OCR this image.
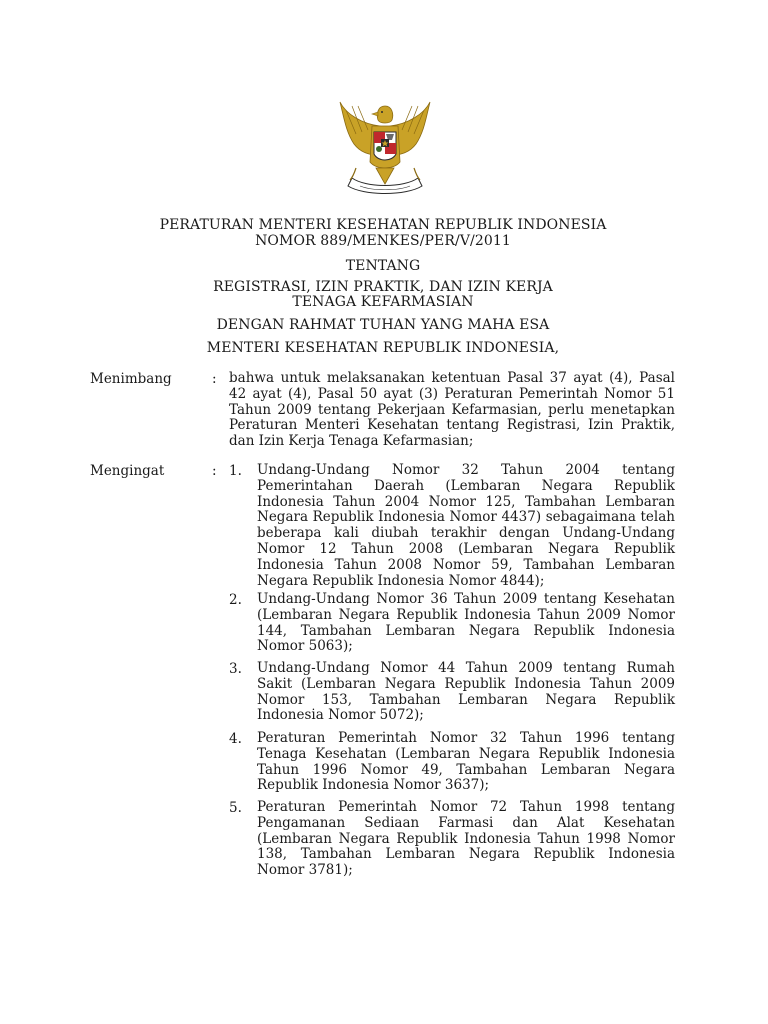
PERATURAN MENTERI KESEHATAN REPUBLIK INDONESIA
NOMOR 889/MENKES/PER/V/2011
TENTANG
REGISTRASI, IZIN PRAKTIK, DAN IZIN KERJA
TENAGA KEFARMASIAN
DENGAN RAHMAT TUHAN YANG MAHA ESA
MENTERI KESEHATAN REPUBLIK INDONESIA,
Menimbang	: bahwa untuk melaksanakan ketentuan Pasal 37 ayat (4), Pasal 42 ayat (4), Pasal 50 ayat (3) Peraturan Pemerintah Nomor 51 Tahun 2009 tentang Pekerjaan Kefarmasian, perlu menetapkan Peraturan Menteri Kesehatan tentang Registrasi, Izin Praktik, dan Izin Kerja Tenaga Kefarmasian;
Mengingat	: 1. Undang-Undang Nomor 32 Tahun 2004 tentang Pemerintahan Daerah (Lembaran Negara Republik Indonesia Tahun 2004 Nomor 125, Tambahan Lembaran Negara Republik Indonesia Nomor 4437) sebagaimana telah beberapa kali diubah terakhir dengan Undang-Undang Nomor 12 Tahun 2008 (Lembaran Negara Republik Indonesia Tahun 2008 Nomor 59, Tambahan Lembaran Negara Republik Indonesia Nomor 4844);
2. Undang-Undang Nomor 36 Tahun 2009 tentang Kesehatan (Lembaran Negara Republik Indonesia Tahun 2009 Nomor 144, Tambahan Lembaran Negara Republik Indonesia Nomor 5063);
3. Undang-Undang Nomor 44 Tahun 2009 tentang Rumah Sakit (Lembaran Negara Republik Indonesia Tahun 2009 Nomor 153, Tambahan Lembaran Negara Republik Indonesia Nomor 5072);
4. Peraturan Pemerintah Nomor 32 Tahun 1996 tentang Tenaga Kesehatan (Lembaran Negara Republik Indonesia Tahun 1996 Nomor 49, Tambahan Lembaran Negara Republik Indonesia Nomor 3637);
5. Peraturan Pemerintah Nomor 72 Tahun 1998 tentang Pengamanan Sediaan Farmasi dan Alat Kesehatan (Lembaran Negara Republik Indonesia Tahun 1998 Nomor 138, Tambahan Lembaran Negara Republik Indonesia Nomor 3781);
